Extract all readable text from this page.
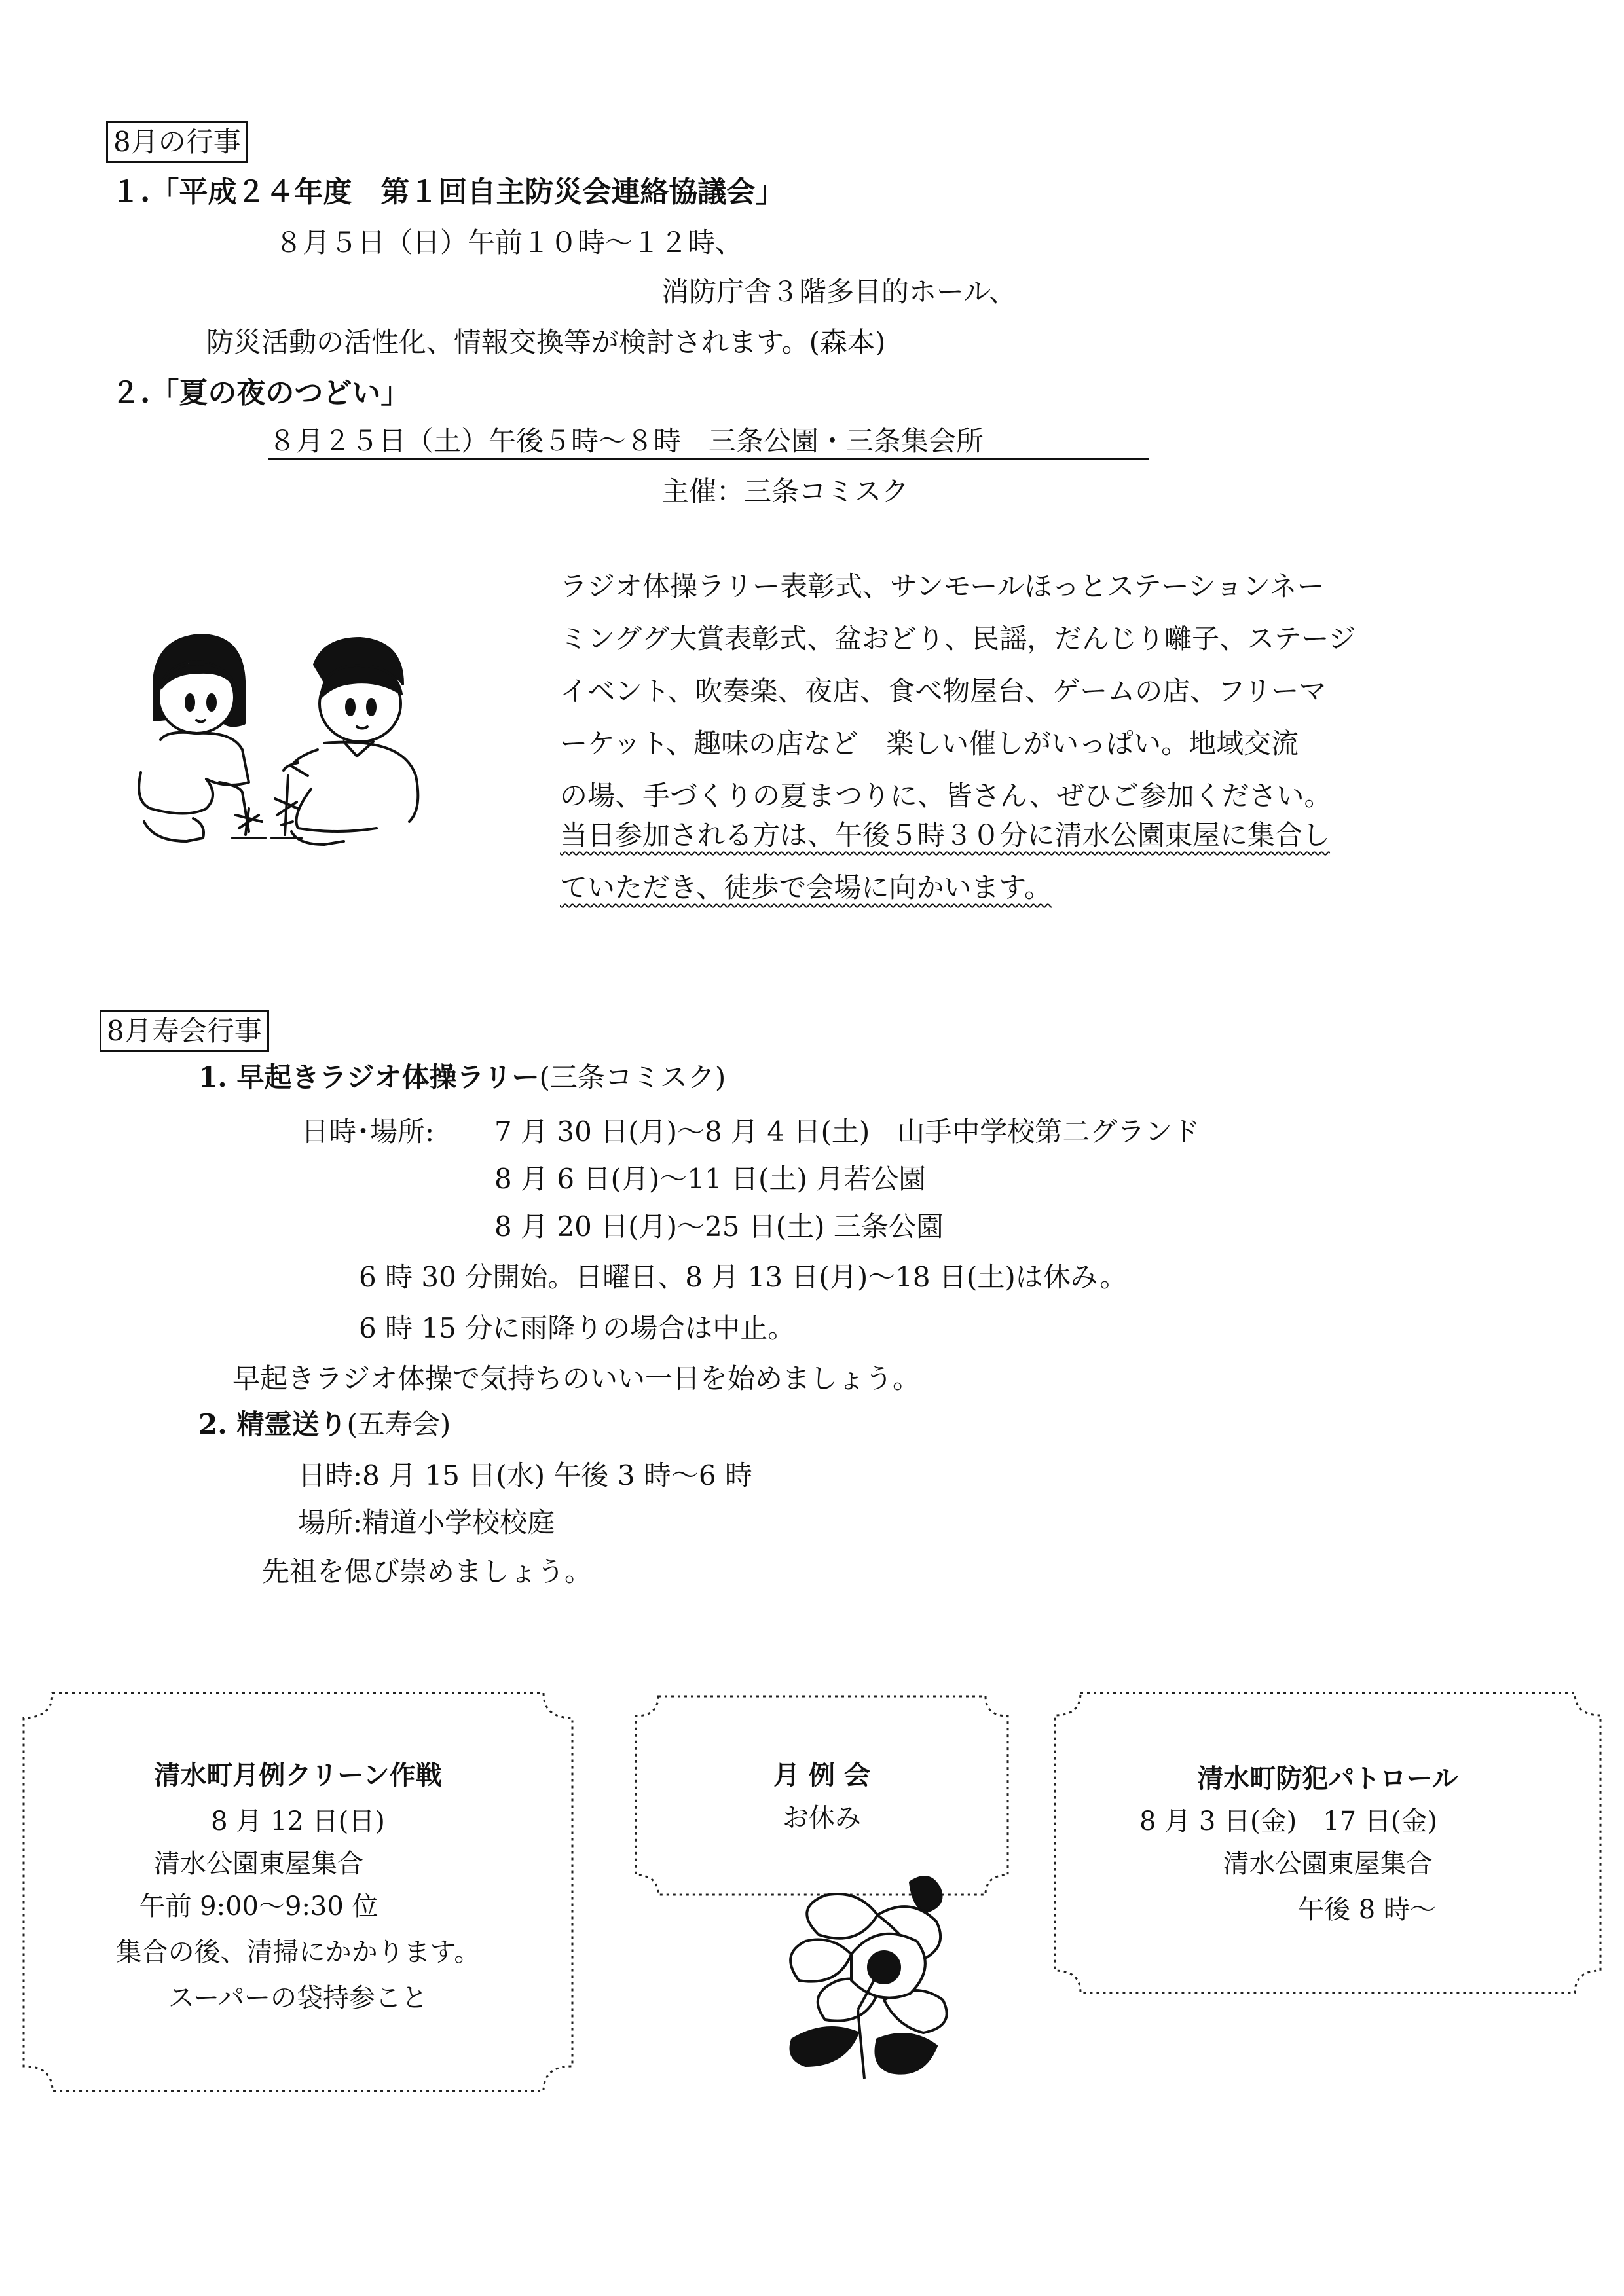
8月の行事
１.「平成２４年度　第１回自主防災会連絡協議会」
８月５日（日）午前１０時～１２時、
消防庁舎３階多目的ホール、
防災活動の活性化、情報交換等が検討されます。(森本)
２.「夏の夜のつどい」
８月２５日（土）午後５時～８時　三条公園・三条集会所
主催：三条コミスク
ラジオ体操ラリー表彰式、サンモールほっとステーションネー
ミンググ大賞表彰式、盆おどり、民謡，だんじり囃子、ステージ
イベント、吹奏楽、夜店、食べ物屋台、ゲームの店、フリーマ
ーケット、趣味の店など　楽しい催しがいっぱい。地域交流
の場、手づくりの夏まつりに、皆さん、ぜひご参加ください。
当日参加される方は、午後５時３０分に清水公園東屋に集合し
ていただき、徒歩で会場に向かいます。
8月寿会行事
1. 早起きラジオ体操ラリー(三条コミスク)
日時･場所: 7 月 30 日(月)～8 月 4 日(土)　山手中学校第二グランド
8 月 6 日(月)～11 日(土) 月若公園
8 月 20 日(月)～25 日(土) 三条公園
6 時 30 分開始。日曜日、8 月 13 日(月)～18 日(土)は休み。
6 時 15 分に雨降りの場合は中止。
早起きラジオ体操で気持ちのいい一日を始めましょう。
2. 精霊送り(五寿会)
日時:8 月 15 日(水) 午後 3 時～6 時
場所:精道小学校校庭
先祖を偲び崇めましょう。
清水町月例クリーン作戦
8 月 12 日(日)
清水公園東屋集合
午前 9:00～9:30 位
集合の後、清掃にかかります。
スーパーの袋持参こと
月 例 会
お休み
清水町防犯パトロール
8 月 3 日(金)　17 日(金)
清水公園東屋集合
午後 8 時～
